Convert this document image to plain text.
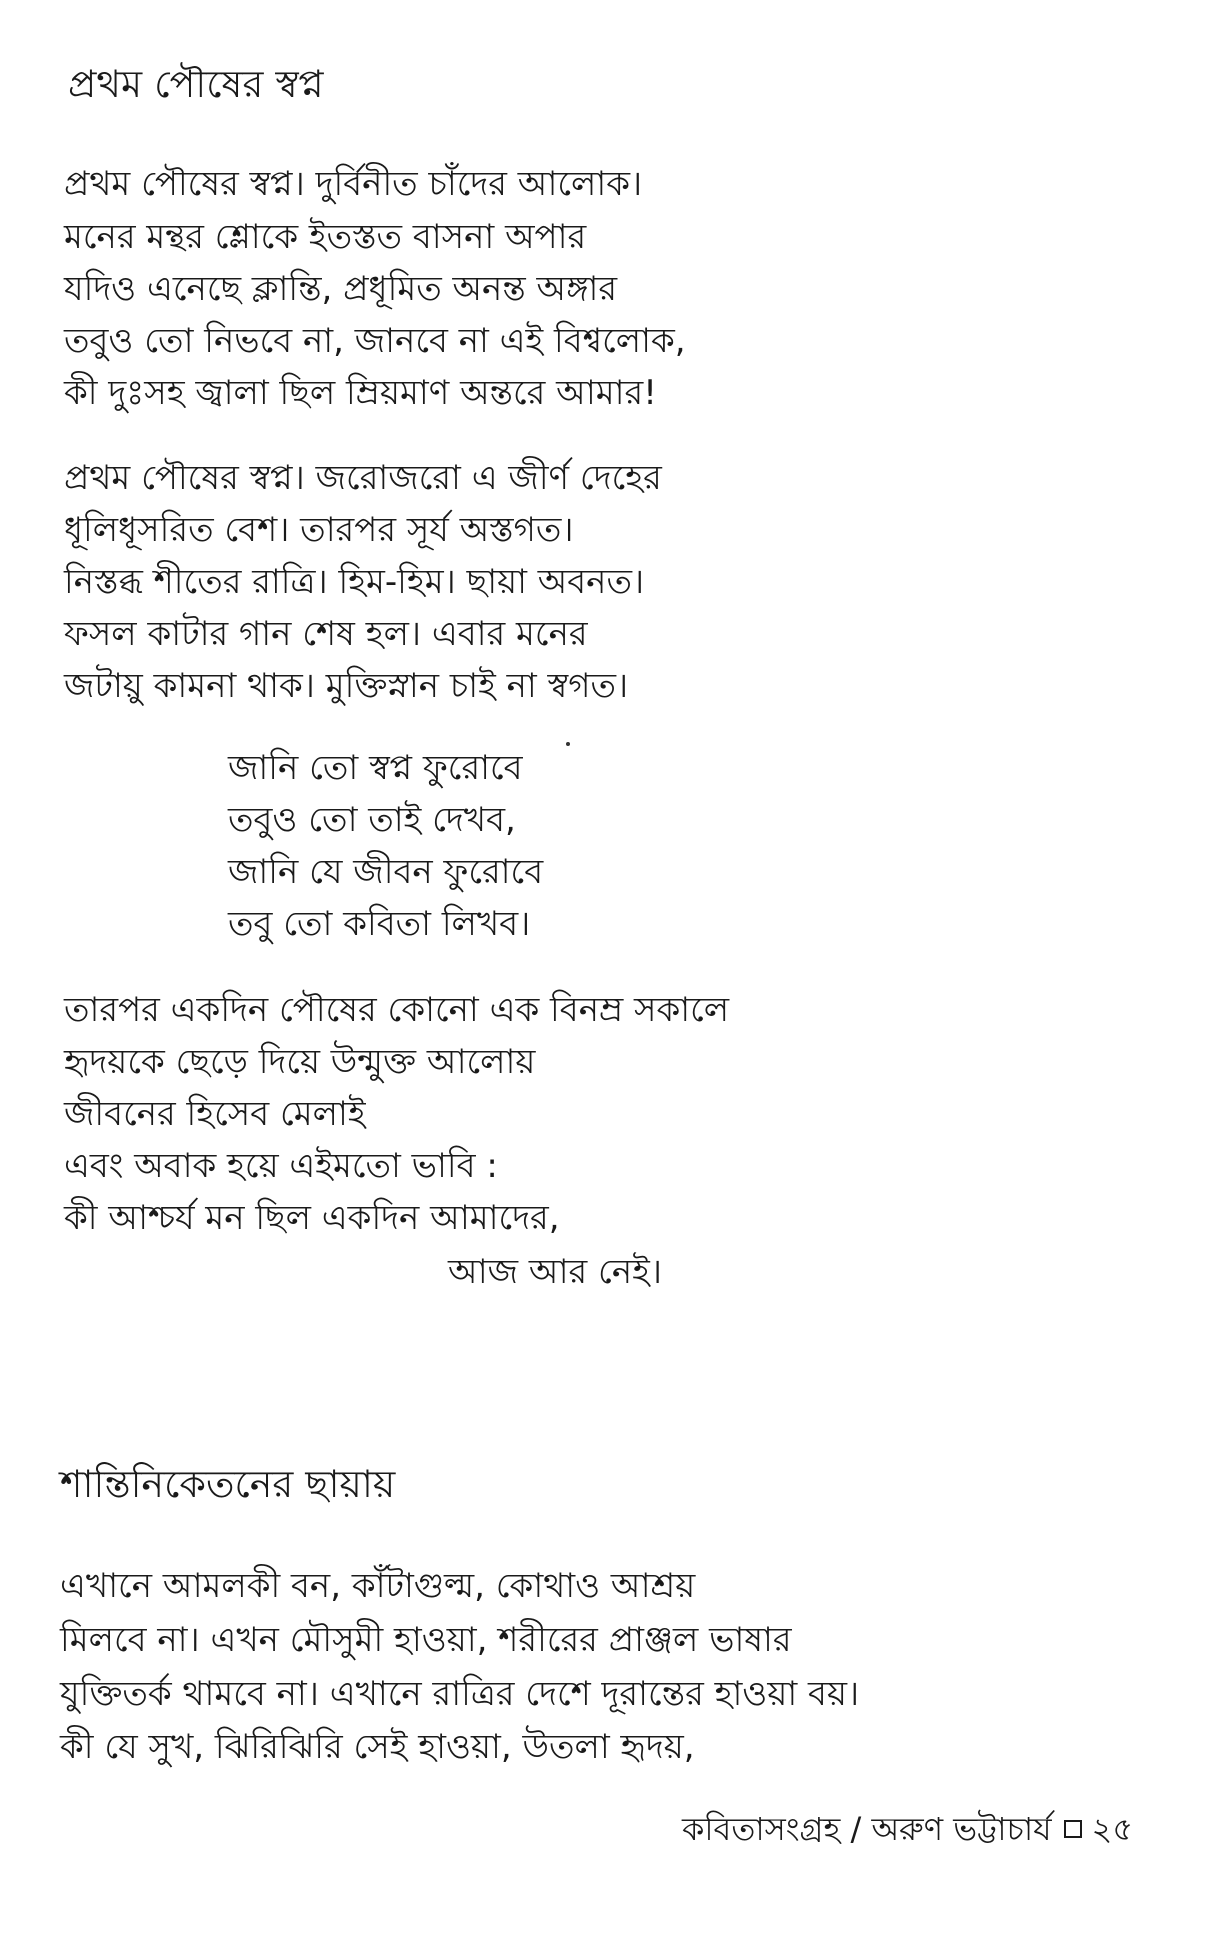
প্রথম পৌষের স্বপ্ন
প্রথম পৌষের স্বপ্ন। দুর্বিনীত চাঁদের আলোক।
মনের মন্থর শ্লোকে ইতস্তত বাসনা অপার
যদিও এনেছে ক্লান্তি, প্রধূমিত অনন্ত অঙ্গার
তবুও তো নিভবে না, জানবে না এই বিশ্বলোক,
কী দুঃসহ জ্বালা ছিল ম্রিয়মাণ অন্তরে আমার!
প্রথম পৌষের স্বপ্ন। জরোজরো এ জীর্ণ দেহের
ধূলিধূসরিত বেশ। তারপর সূর্য অস্তগত।
নিস্তব্ধ শীতের রাত্রি। হিম-হিম। ছায়া অবনত।
ফসল কাটার গান শেষ হল। এবার মনের
জটায়ু কামনা থাক। মুক্তিস্নান চাই না স্বগত।
জানি তো স্বপ্ন ফুরোবে
তবুও তো তাই দেখব,
জানি যে জীবন ফুরোবে
তবু তো কবিতা লিখব।
তারপর একদিন পৌষের কোনো এক বিনম্র সকালে
হৃদয়কে ছেড়ে দিয়ে উন্মুক্ত আলোয়
জীবনের হিসেব মেলাই
এবং অবাক হয়ে এইমতো ভাবি :
কী আশ্চর্য মন ছিল একদিন আমাদের,
আজ আর নেই।
শান্তিনিকেতনের ছায়ায়
এখানে আমলকী বন, কাঁটাগুল্ম, কোথাও আশ্রয়
মিলবে না। এখন মৌসুমী হাওয়া, শরীরের প্রাঞ্জল ভাষার
যুক্তিতর্ক থামবে না। এখানে রাত্রির দেশে দূরান্তের হাওয়া বয়।
কী যে সুখ, ঝিরিঝিরি সেই হাওয়া, উতলা হৃদয়,
কবিতাসংগ্রহ / অরুণ ভট্টাচার্য ২৫
